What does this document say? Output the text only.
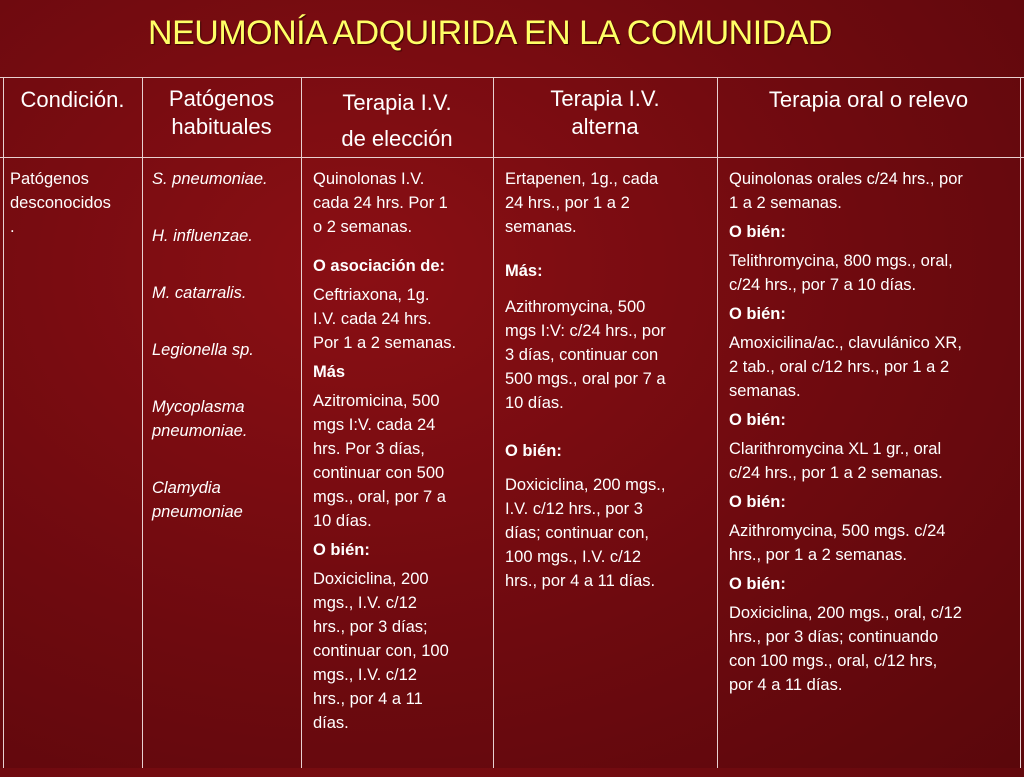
NEUMONÍA ADQUIRIDA EN LA COMUNIDAD
Condición.	Patógenos
habituales
Terapia I.V.
de elección
Terapia I.V.
alterna
Terapia oral o relevo

Patógenos

desconocidos

.

S. pneumoniae.

H. influenzae.

M. catarralis.

Legionella sp.

Mycoplasma

pneumoniae.

Clamydia

pneumoniae

Quinolonas I.V.

cada 24 hrs. Por 1

o 2 semanas.

O asociación de:

Ceftriaxona, 1g.

I.V. cada 24 hrs.

Por 1 a 2 semanas.

Más

Azitromicina, 500

mgs I:V. cada 24

hrs. Por 3 días,

continuar con 500

mgs., oral, por 7 a

10 días.

O bién:

Doxiciclina, 200

mgs., I.V. c/12

hrs., por 3 días;

continuar con, 100

mgs., I.V. c/12

hrs., por 4 a 11

días.

Ertapenen, 1g., cada

24 hrs., por 1 a 2

semanas.

Más:

Azithromycina, 500

mgs I:V: c/24 hrs., por

3 días, continuar con

500 mgs., oral por 7 a

10 días.

O bién:

Doxiciclina, 200 mgs.,

I.V. c/12 hrs., por 3

días; continuar con,

100 mgs., I.V. c/12

hrs., por 4 a 11 días.

Quinolonas orales c/24 hrs., por

1 a 2 semanas.

O bién:

Telithromycina, 800 mgs., oral,

c/24 hrs., por 7 a 10 días.

O bién:

Amoxicilina/ac., clavulánico XR,

2 tab., oral c/12 hrs., por 1 a 2

semanas.

O bién:

Clarithromycina XL 1 gr., oral

c/24 hrs., por 1 a 2 semanas.

O bién:

Azithromycina, 500 mgs. c/24

hrs., por 1 a 2 semanas.

O bién:

Doxiciclina, 200 mgs., oral, c/12

hrs., por 3 días; continuando

con 100 mgs., oral, c/12 hrs,

por 4 a 11 días.
